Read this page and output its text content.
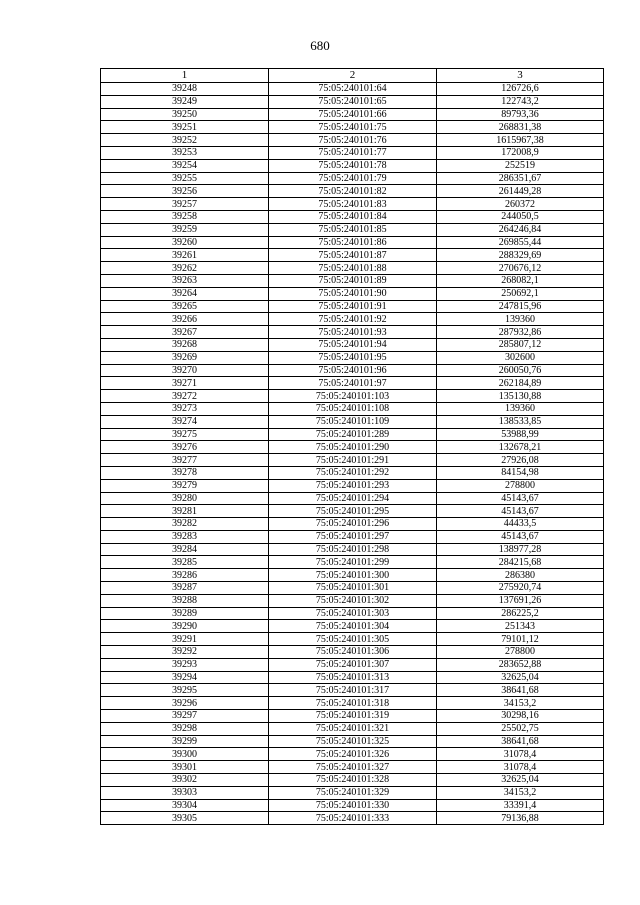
680
1	2	3
39248	75:05:240101:64	126726,6
39249	75:05:240101:65	122743,2
39250	75:05:240101:66	89793,36
39251	75:05:240101:75	268831,38
39252	75:05:240101:76	1615967,38
39253	75:05:240101:77	172008,9
39254	75:05:240101:78	252519
39255	75:05:240101:79	286351,67
39256	75:05:240101:82	261449,28
39257	75:05:240101:83	260372
39258	75:05:240101:84	244050,5
39259	75:05:240101:85	264246,84
39260	75:05:240101:86	269855,44
39261	75:05:240101:87	288329,69
39262	75:05:240101:88	270676,12
39263	75:05:240101:89	268082,1
39264	75:05:240101:90	250692,1
39265	75:05:240101:91	247815,96
39266	75:05:240101:92	139360
39267	75:05:240101:93	287932,86
39268	75:05:240101:94	285807,12
39269	75:05:240101:95	302600
39270	75:05:240101:96	260050,76
39271	75:05:240101:97	262184,89
39272	75:05:240101:103	135130,88
39273	75:05:240101:108	139360
39274	75:05:240101:109	138533,85
39275	75:05:240101:289	53988,99
39276	75:05:240101:290	132678,21
39277	75:05:240101:291	27926,08
39278	75:05:240101:292	84154,98
39279	75:05:240101:293	278800
39280	75:05:240101:294	45143,67
39281	75:05:240101:295	45143,67
39282	75:05:240101:296	44433,5
39283	75:05:240101:297	45143,67
39284	75:05:240101:298	138977,28
39285	75:05:240101:299	284215,68
39286	75:05:240101:300	286380
39287	75:05:240101:301	275920,74
39288	75:05:240101:302	137691,26
39289	75:05:240101:303	286225,2
39290	75:05:240101:304	251343
39291	75:05:240101:305	79101,12
39292	75:05:240101:306	278800
39293	75:05:240101:307	283652,88
39294	75:05:240101:313	32625,04
39295	75:05:240101:317	38641,68
39296	75:05:240101:318	34153,2
39297	75:05:240101:319	30298,16
39298	75:05:240101:321	25502,75
39299	75:05:240101:325	38641,68
39300	75:05:240101:326	31078,4
39301	75:05:240101:327	31078,4
39302	75:05:240101:328	32625,04
39303	75:05:240101:329	34153,2
39304	75:05:240101:330	33391,4
39305	75:05:240101:333	79136,88
